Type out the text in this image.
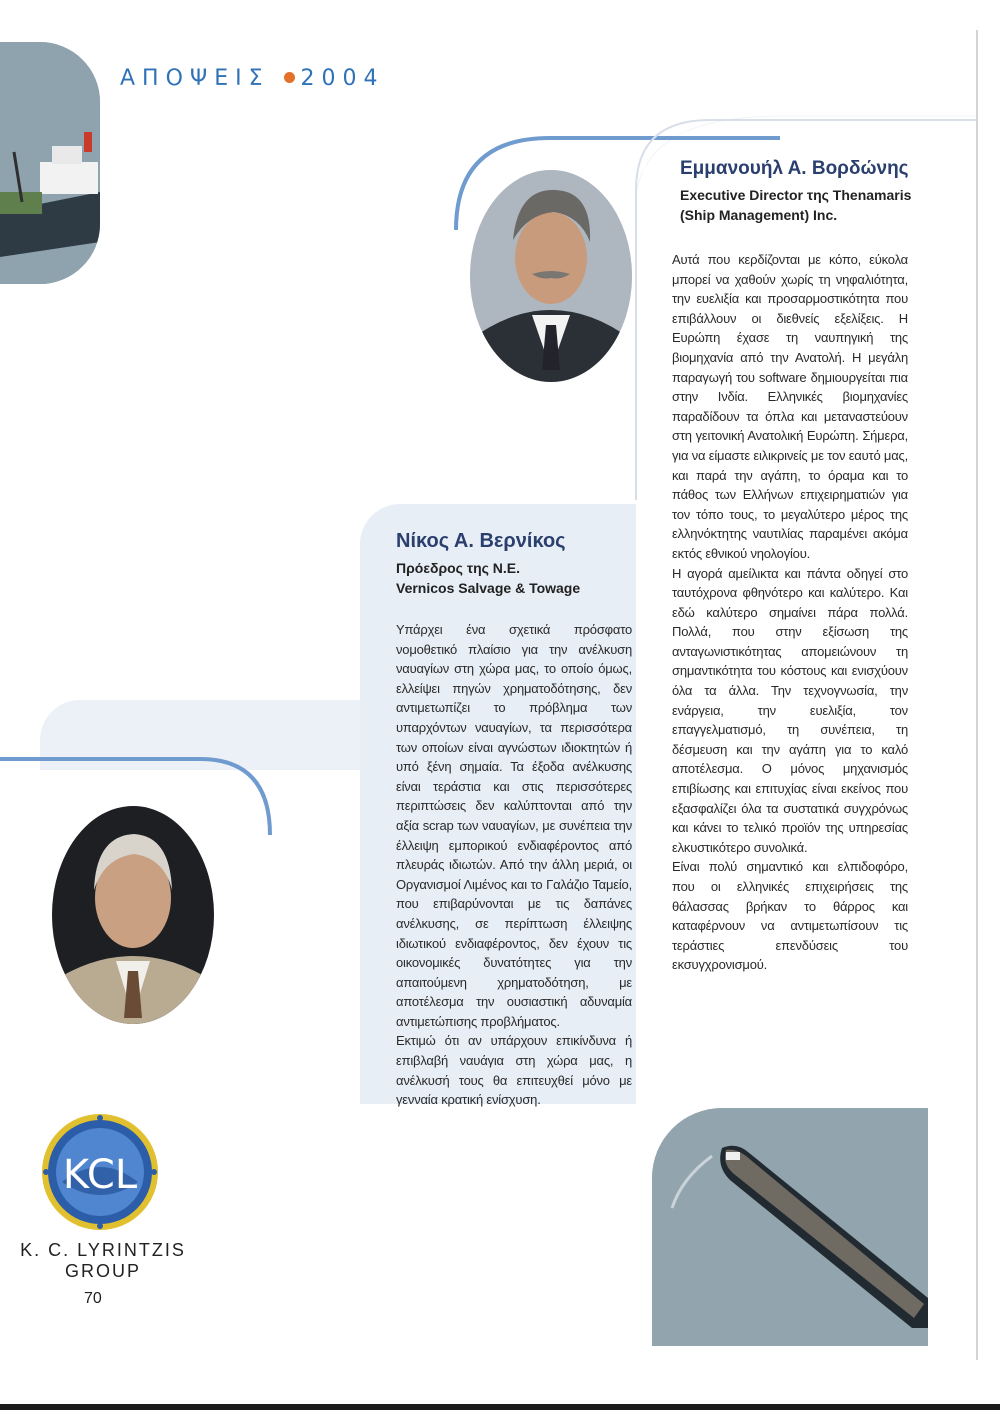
ΑΠΟΨΕΙΣ 2004
Εμμανουήλ Α. Βορδώνης
Executive Director της Thenamaris
(Ship Management) Inc.

Αυτά που κερδίζονται με κόπο, εύκολα μπορεί να χαθούν χωρίς τη νηφαλιότητα, την ευελιξία και προσαρμοστικότητα που επιβάλλουν οι διεθνείς εξελίξεις. Η Ευρώπη έχασε τη ναυπηγική της βιομηχανία από την Ανατολή. Η μεγάλη παραγωγή του software δημιουργείται πια στην Ινδία. Ελληνικές βιομηχανίες παραδίδουν τα όπλα και μεταναστεύουν στη γειτονική Ανατολική Ευρώπη. Σήμερα, για να είμαστε ειλικρινείς με τον εαυτό μας, και παρά την αγάπη, το όραμα και το πάθος των Ελλήνων επιχειρηματιών για τον τόπο τους, το μεγαλύτερο μέρος της ελληνόκτητης ναυτιλίας παραμένει ακόμα εκτός εθνικού νηολογίου.

Η αγορά αμείλικτα και πάντα οδηγεί στο ταυτόχρονα φθηνότερο και καλύτερο. Και εδώ καλύτερο σημαίνει πάρα πολλά. Πολλά, που στην εξίσωση της ανταγωνιστικότητας απομειώνουν τη σημαντικότητα του κόστους και ενισχύουν όλα τα άλλα. Την τεχνογνωσία, την ενάργεια, την ευελιξία, τον επαγγελματισμό, τη συνέπεια, τη δέσμευση και την αγάπη για το καλό αποτέλεσμα. Ο μόνος μηχανισμός επιβίωσης και επιτυχίας είναι εκείνος που εξασφαλίζει όλα τα συστατικά συγχρόνως και κάνει το τελικό προϊόν της υπηρεσίας ελκυστικότερο συνολικά.

Είναι πολύ σημαντικό και ελπιδοφόρο, που οι ελληνικές επιχειρήσεις της θάλασσας βρήκαν το θάρρος και καταφέρνουν να αντιμετωπίσουν τις τεράστιες επενδύσεις του εκσυγχρονισμού.

Νίκος Α. Βερνίκος
Πρόεδρος της Ν.Ε.
Vernicos Salvage & Towage

Υπάρχει ένα σχετικά πρόσφατο νομοθετικό πλαίσιο για την ανέλκυση ναυαγίων στη χώρα μας, το οποίο όμως, ελλείψει πηγών χρηματοδότησης, δεν αντιμετωπίζει το πρόβλημα των υπαρχόντων ναυαγίων, τα περισσότερα των οποίων είναι αγνώστων ιδιοκτητών ή υπό ξένη σημαία. Τα έξοδα ανέλκυσης είναι τεράστια και στις περισσότερες περιπτώσεις δεν καλύπτονται από την αξία scrap των ναυαγίων, με συνέπεια την έλλειψη εμπορικού ενδιαφέροντος από πλευράς ιδιωτών. Από την άλλη μεριά, οι Οργανισμοί Λιμένος και το Γαλάζιο Ταμείο, που επιβαρύνονται με τις δαπάνες ανέλκυσης, σε περίπτωση έλλειψης ιδιωτικού ενδιαφέροντος, δεν έχουν τις οικονομικές δυνατότητες για την απαιτούμενη χρηματοδότηση, με αποτέλεσμα την ουσιαστική αδυναμία αντιμετώπισης προβλήματος.

Εκτιμώ ότι αν υπάρχουν επικίνδυνα ή επιβλαβή ναυάγια στη χώρα μας, η ανέλκυσή τους θα επιτευχθεί μόνο με γενναία κρατική ενίσχυση.

KCL
K. C. LYRINTZIS
GROUP
70
